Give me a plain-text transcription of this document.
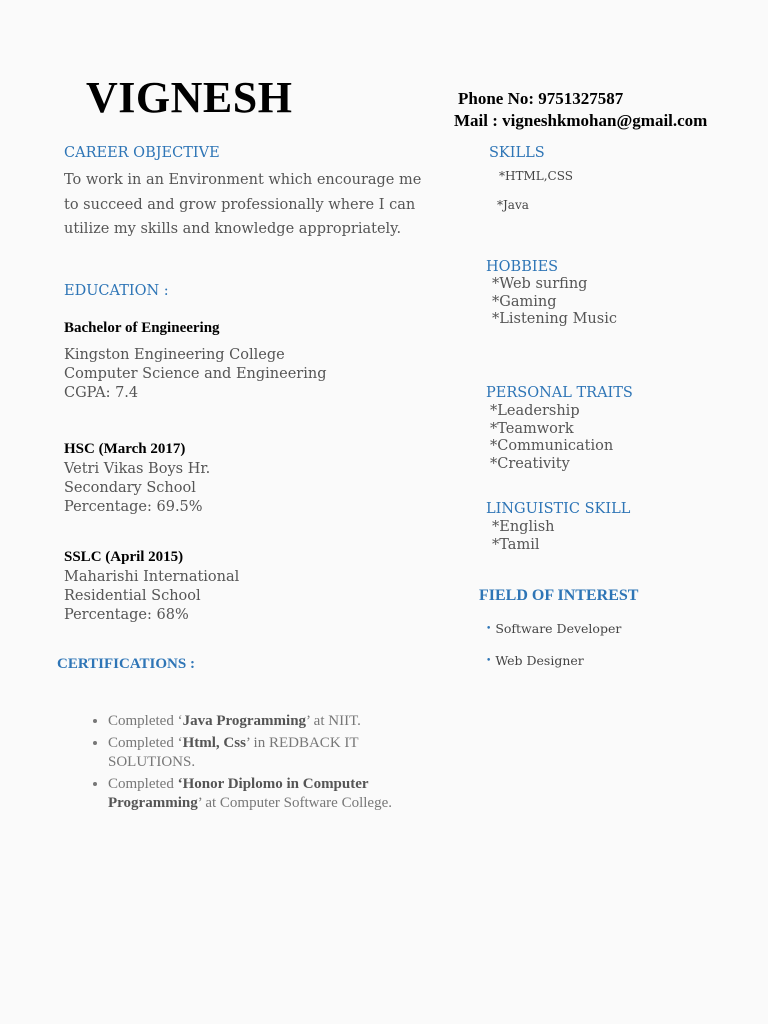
VIGNESH	Phone No: 9751327587
Mail : vigneshkmohan@gmail.com
CAREER OBJECTIVE
To work in an Environment which encourage me
to succeed and grow professionally where I can
utilize my skills and knowledge appropriately.
EDUCATION :
Bachelor of Engineering
Kingston Engineering College
Computer Science and Engineering
CGPA: 7.4
HSC (March 2017)
Vetri Vikas Boys Hr.
Secondary School
Percentage: 69.5%
SSLC (April 2015)
Maharishi International
Residential School
Percentage: 68%
CERTIFICATIONS :
• Completed ‘Java Programming’ at NIIT.
• Completed ‘Html, Css’ in REDBACK IT SOLUTIONS.
• Completed ‘Honor Diplomo in Computer Programming’ at Computer Software College.
SKILLS
*HTML,CSS
*Java
HOBBIES
*Web surfing
*Gaming
*Listening Music
PERSONAL TRAITS
*Leadership
*Teamwork
*Communication
*Creativity
LINGUISTIC SKILL
*English
*Tamil
FIELD OF INTEREST
• Software Developer
• Web Designer
